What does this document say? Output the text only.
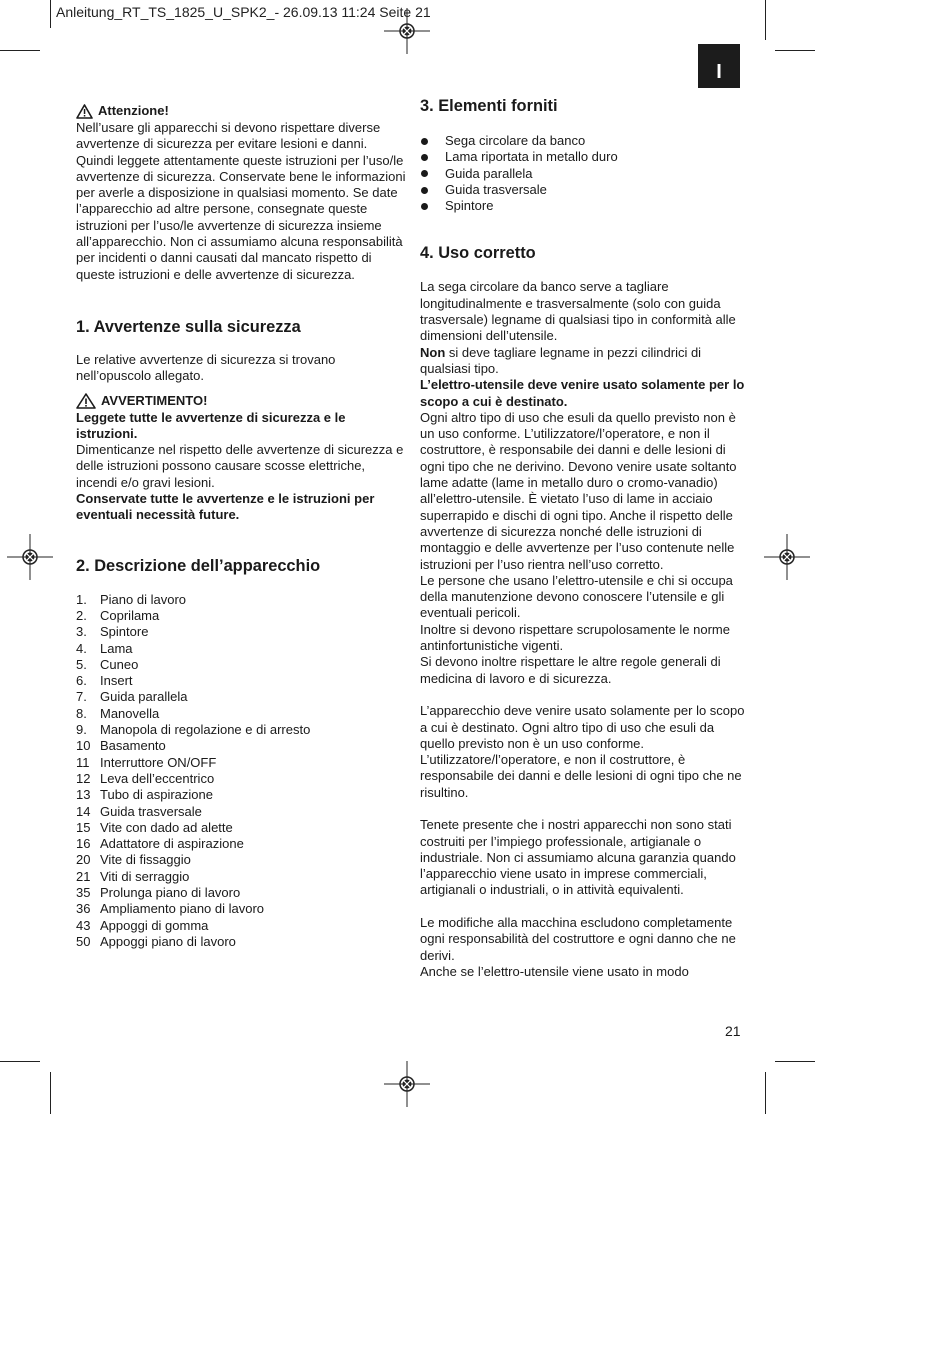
Anleitung_RT_TS_1825_U_SPK2_- 26.09.13 11:24 Seite 21
I
Attenzione!

Nell’usare gli apparecchi si devono rispettare diverse avvertenze di sicurezza per evitare lesioni e danni. Quindi leggete attentamente queste istruzioni per l’uso/le avvertenze di sicurezza. Conservate bene le informazioni per averle a disposizione in qualsiasi momento. Se date l’apparecchio ad altre persone, consegnate queste istruzioni per l’uso/le avvertenze di sicurezza insieme all’apparecchio. Non ci assumiamo alcuna responsabilità per incidenti o danni causati dal mancato rispetto di queste istruzioni e delle avvertenze di sicurezza.

1. Avvertenze sulla sicurezza

Le relative avvertenze di sicurezza si trovano nell’opuscolo allegato.

AVVERTIMENTO!

Leggete tutte le avvertenze di sicurezza e le istruzioni.

Dimenticanze nel rispetto delle avvertenze di sicurezza e delle istruzioni possono causare scosse elettriche, incendi e/o gravi lesioni.

Conservate tutte le avvertenze e le istruzioni per eventuali necessità future.

2. Descrizione dell’apparecchio
1.	Piano di lavoro
2.	Coprilama
3.	Spintore
4.	Lama
5.	Cuneo
6.	Insert
7.	Guida parallela
8.	Manovella
9.	Manopola di regolazione e di arresto
10 Basamento
11 Interruttore ON/OFF
12 Leva dell’eccentrico
13 Tubo di aspirazione
14 Guida trasversale
15 Vite con dado ad alette
16 Adattatore di aspirazione
20 Vite di fissaggio
21 Viti di serraggio
35 Prolunga piano di lavoro
36 Ampliamento piano di lavoro
43 Appoggi di gomma
50 Appoggi piano di lavoro
3. Elementi forniti
Sega circolare da banco
Lama riportata in metallo duro
Guida parallela
Guida trasversale
Spintore
4. Uso corretto

La sega circolare da banco serve a tagliare longitudinalmente e trasversalmente (solo con guida trasversale) legname di qualsiasi tipo in conformità alle dimensioni dell’utensile.

Non si deve tagliare legname in pezzi cilindrici di qualsiasi tipo.

L’elettro-utensile deve venire usato solamente per lo scopo a cui è destinato.

Ogni altro tipo di uso che esuli da quello previsto non è un uso conforme. L’utilizzatore/l’operatore, e non il costruttore, è responsabile dei danni e delle lesioni di ogni tipo che ne derivino. Devono venire usate soltanto lame adatte (lame in metallo duro o cromo-vanadio) all’elettro-utensile. È vietato l’uso di lame in acciaio superrapido e dischi di ogni tipo. Anche il rispetto delle avvertenze di sicurezza nonché delle istruzioni di montaggio e delle avvertenze per l’uso contenute nelle istruzioni per l’uso rientra nell’uso corretto.

Le persone che usano l’elettro-utensile e chi si occupa della manutenzione devono conoscere l’utensile e gli eventuali pericoli.

Inoltre si devono rispettare scrupolosamente le norme antinfortunistiche vigenti.

Si devono inoltre rispettare le altre regole generali di medicina di lavoro e di sicurezza.

L’apparecchio deve venire usato solamente per lo scopo a cui è destinato. Ogni altro tipo di uso che esuli da quello previsto non è un uso conforme. L’utilizzatore/l’operatore, e non il costruttore, è responsabile dei danni e delle lesioni di ogni tipo che ne risultino.

Tenete presente che i nostri apparecchi non sono stati costruiti per l’impiego professionale, artigianale o industriale. Non ci assumiamo alcuna garanzia quando l’apparecchio viene usato in imprese commerciali, artigianali o industriali, o in attività equivalenti.

Le modifiche alla macchina escludono completamente ogni responsabilità del costruttore e ogni danno che ne derivi.

Anche se l’elettro-utensile viene usato in modo

21
